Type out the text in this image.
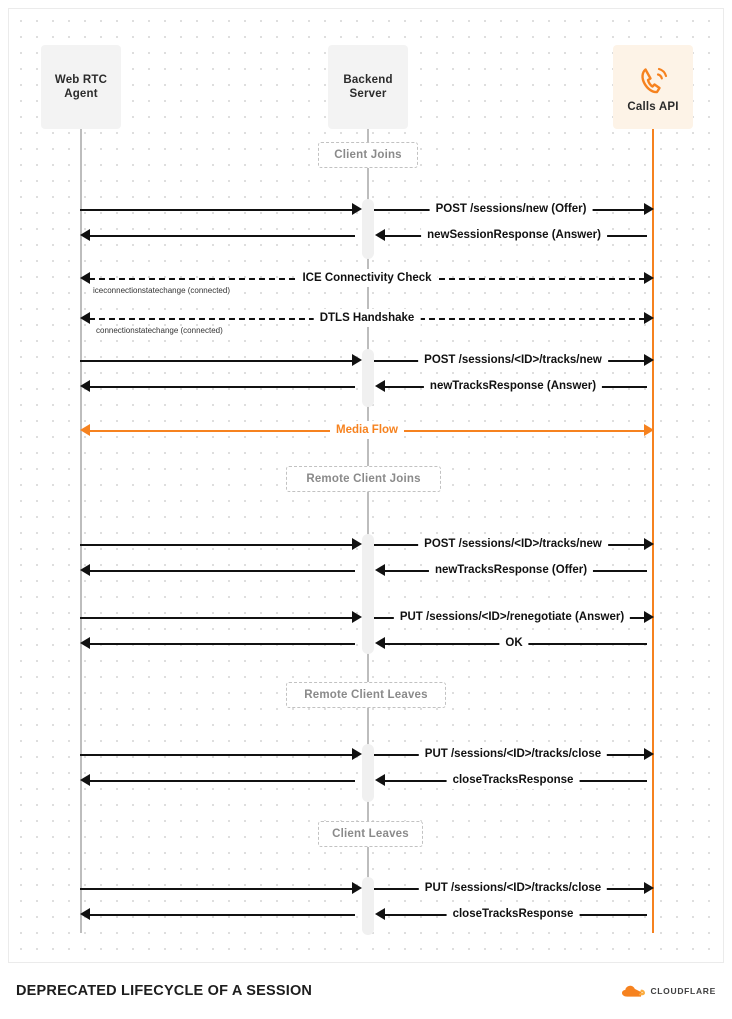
Web RTC
Agent
Backend
Server
Calls API
Client Joins
POST /sessions/new (Offer)
newSessionResponse (Answer)
ICE Connectivity Check
iceconnectionstatechange (connected)
DTLS Handshake
connectionstatechange (connected)
POST /sessions/<ID>/tracks/new
newTracksResponse (Answer)
Media Flow
Remote Client Joins
POST /sessions/<ID>/tracks/new
newTracksResponse (Offer)
PUT /sessions/<ID>/renegotiate (Answer)
OK
Remote Client Leaves
PUT /sessions/<ID>/tracks/close
closeTracksResponse
Client Leaves
PUT /sessions/<ID>/tracks/close
closeTracksResponse
DEPRECATED LIFECYCLE OF A SESSION	CLOUDFLARE
